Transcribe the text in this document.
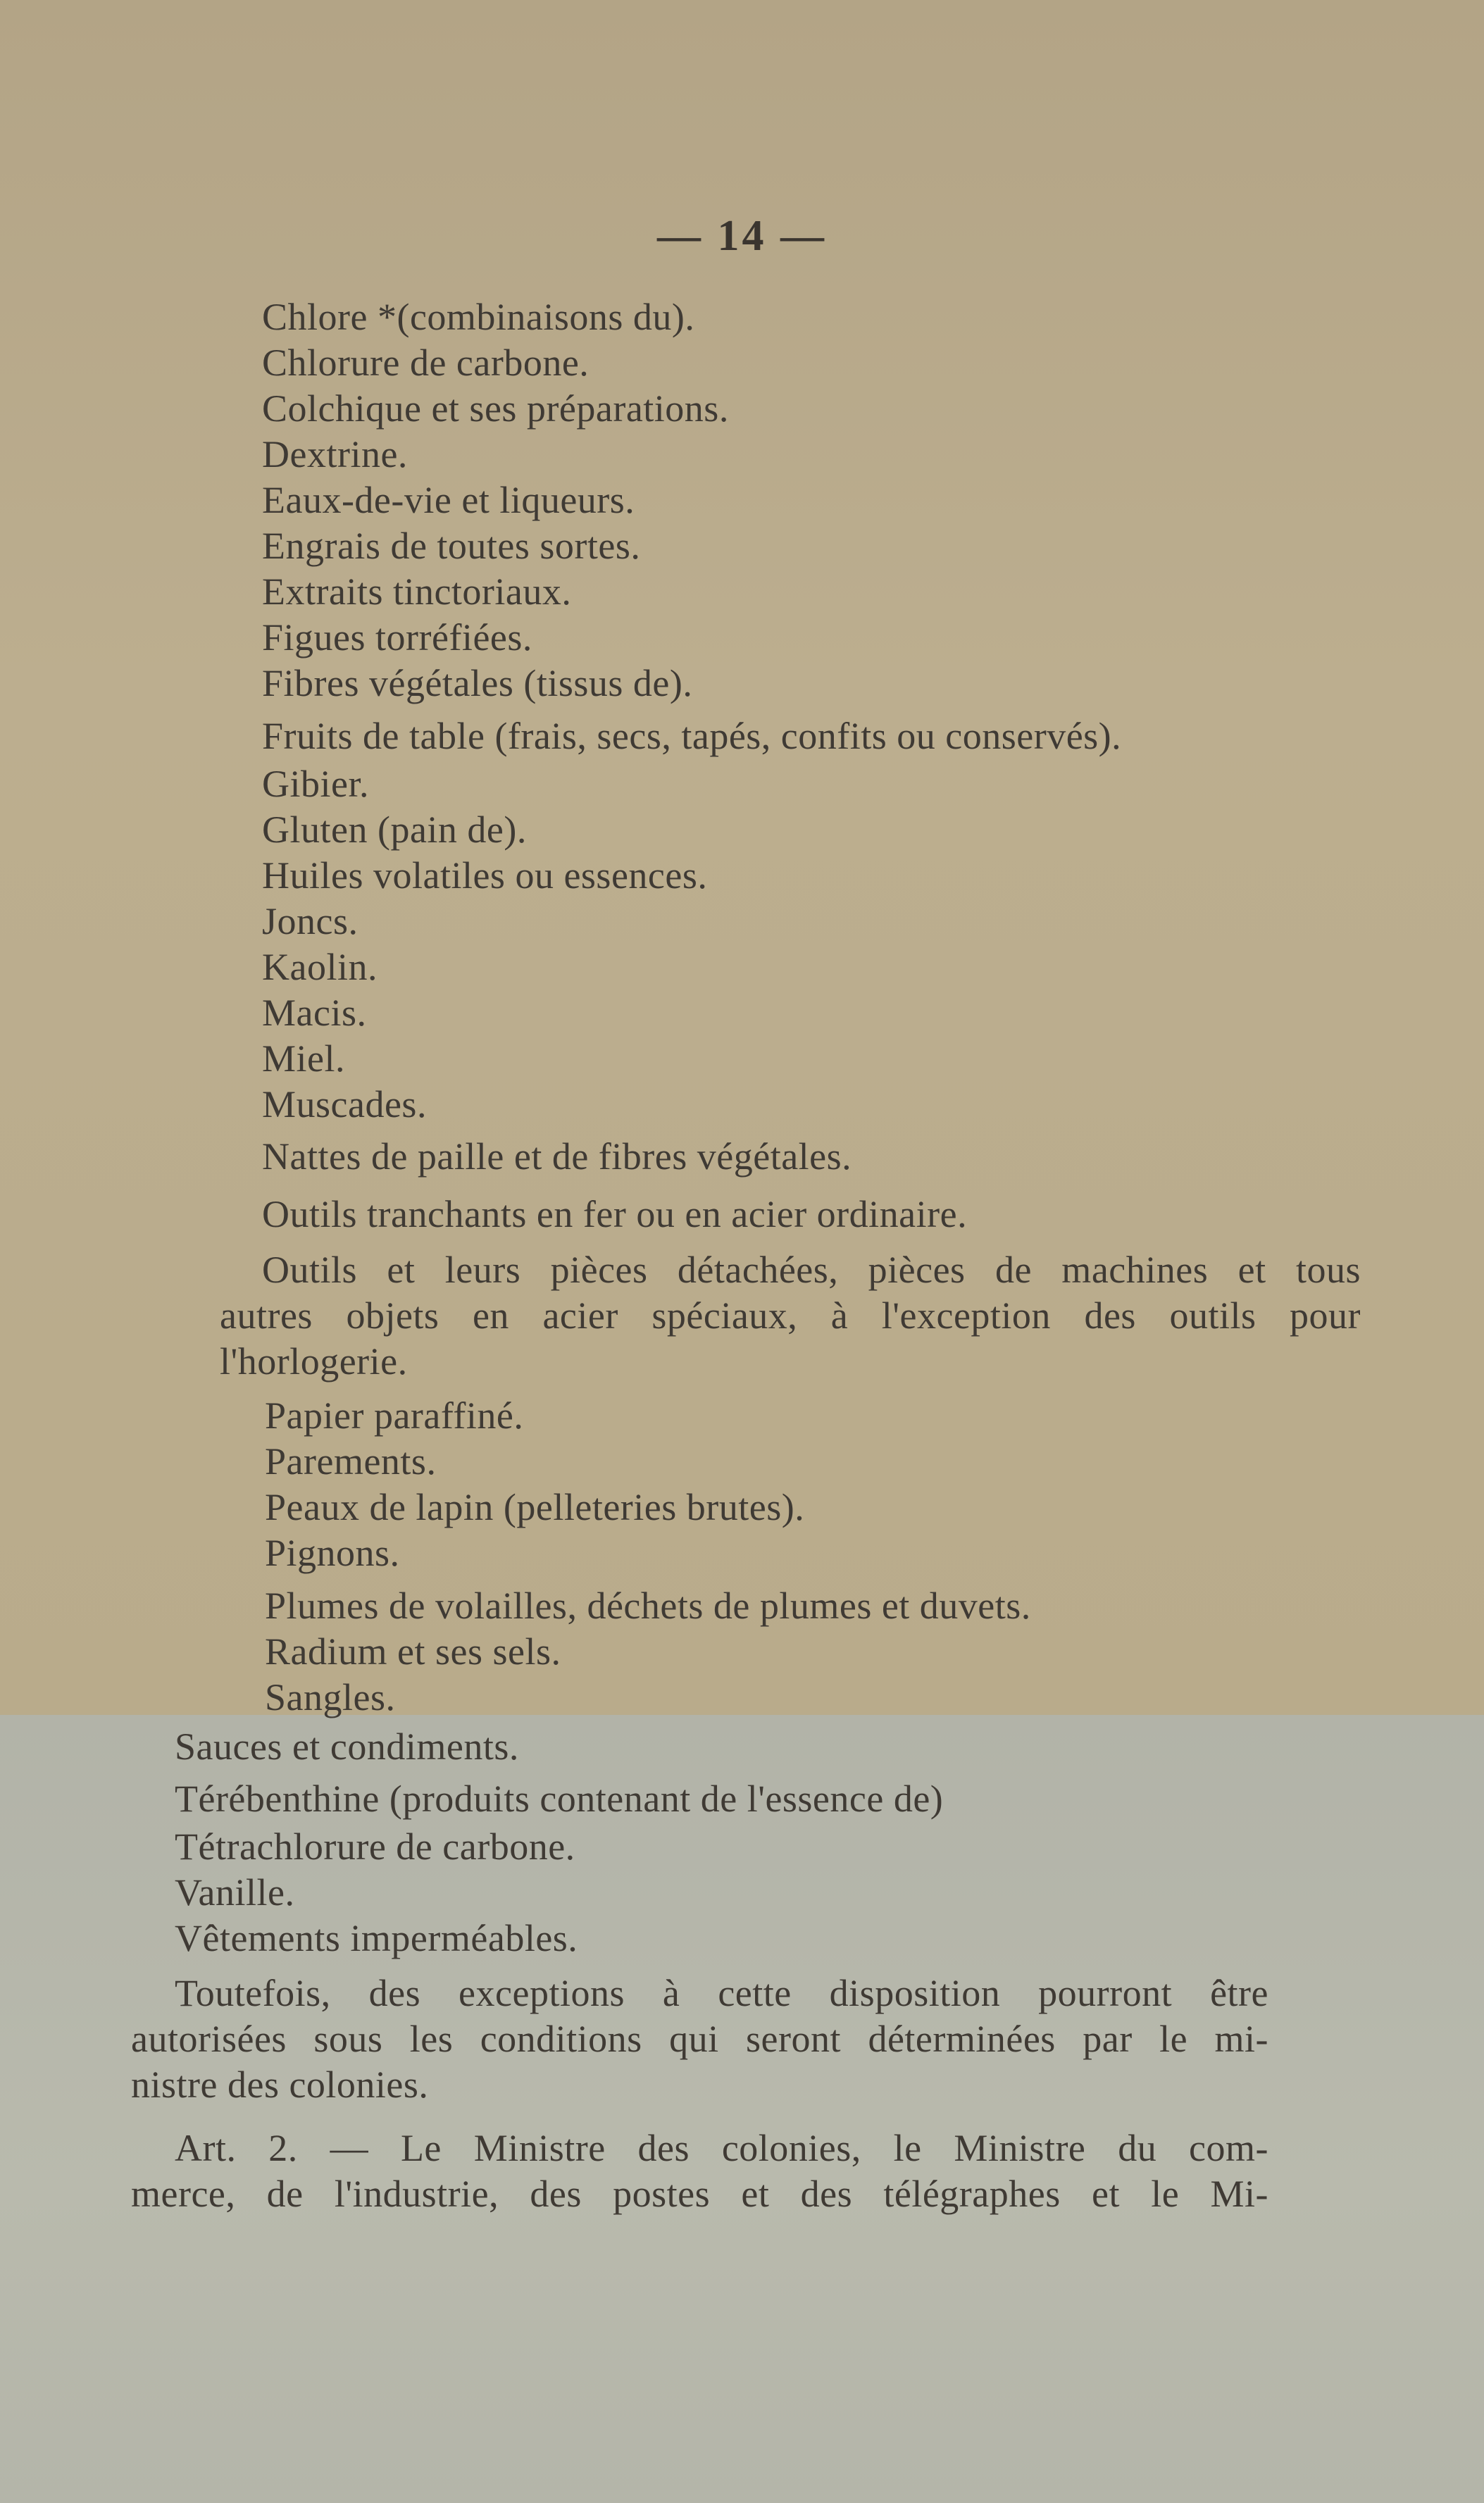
— 14 —
Chlore *(combinaisons du).
Chlorure de carbone.
Colchique et ses préparations.
Dextrine.
Eaux-de-vie et liqueurs.
Engrais de toutes sortes.
Extraits tinctoriaux.
Figues torréfiées.
Fibres végétales (tissus de).
Fruits de table (frais, secs, tapés, confits ou conservés).
Gibier.
Gluten (pain de).
Huiles volatiles ou essences.
Joncs.
Kaolin.
Macis.
Miel.
Muscades.
Nattes de paille et de fibres végétales.
Outils tranchants en fer ou en acier ordinaire.
Outils et leurs pièces détachées, pièces de machines et tous
autres objets en acier spéciaux, à l'exception des outils pour
l'horlogerie.
Papier paraffiné.
Parements.
Peaux de lapin (pelleteries brutes).
Pignons.
Plumes de volailles, déchets de plumes et duvets.
Radium et ses sels.
Sangles.
Sauces et condiments.
Térébenthine (produits contenant de l'essence de)
Tétrachlorure de carbone.
Vanille.
Vêtements imperméables.
Toutefois, des exceptions à cette disposition pourront être
autorisées sous les conditions qui seront déterminées par le mi-
nistre des colonies.
Art. 2. — Le Ministre des colonies, le Ministre du com-
merce, de l'industrie, des postes et des télégraphes et le Mi-
